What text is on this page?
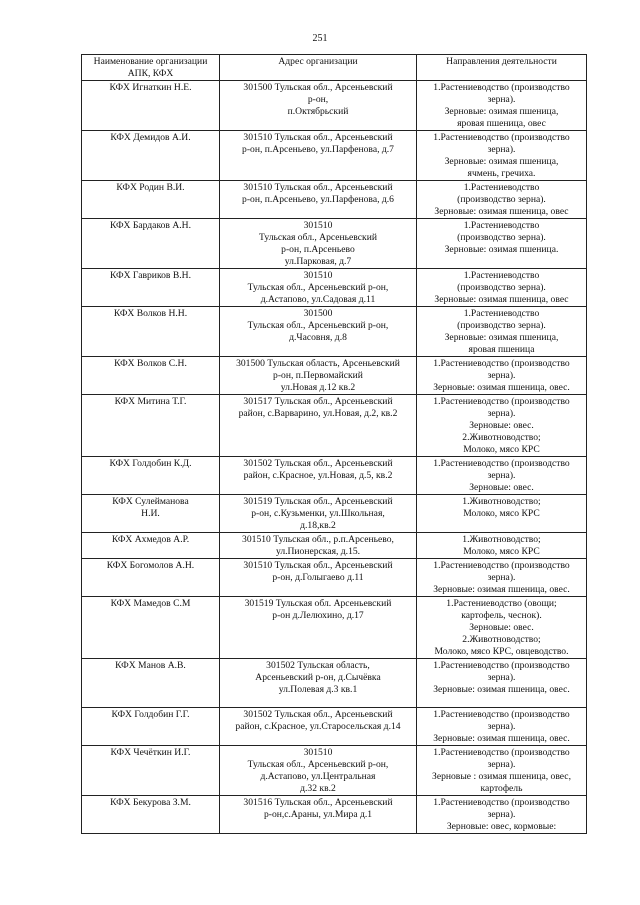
251
Наименование организации АПК, КФХ	Адрес организации	Направления деятельности

КФХ Игнаткин Н.Е.	301500 Тульская обл., Арсеньевский
р-он,
п.Октябрьский	1.Растениеводство (производство
зерна).
Зерновые: озимая пшеница,
яровая пшеница, овес

КФХ Демидов А.И.	301510 Тульская обл., Арсеньевский
р-он, п.Арсеньево, ул.Парфенова, д.7	1.Растениеводство (производство
зерна).
Зерновые: озимая пшеница,
ячмень, гречиха.

КФХ Родин В.И.	301510 Тульская обл., Арсеньевский
р-он, п.Арсеньево, ул.Парфенова, д.6	1.Растениеводство
(производство зерна).
Зерновые: озимая пшеница, овес

КФХ Бардаков А.Н.	301510
Тульская обл., Арсеньевский
р-он, п.Арсеньево
ул.Парковая, д.7	1.Растениеводство
(производство зерна).
Зерновые: озимая пшеница.

КФХ Гавриков В.Н.	301510
Тульская обл., Арсеньевский р-он,
д.Астапово, ул.Садовая д.11	1.Растениеводство
(производство зерна).
Зерновые: озимая пшеница, овес

КФХ Волков Н.Н.	301500
Тульская обл., Арсеньевский р-он,
д.Часовня, д.8	1.Растениеводство
(производство зерна).
Зерновые: озимая пшеница,
яровая пшеница

КФХ Волков С.Н.	301500 Тульская область, Арсеньевский
р-он, п.Первомайский
ул.Новая д.12 кв.2	1.Растениеводство (производство
зерна).
Зерновые: озимая пшеница, овес.

КФХ Митина Т.Г.	301517 Тульская обл., Арсеньевский
район, с.Варварино, ул.Новая, д.2, кв.2	1.Растениеводство (производство
зерна).
Зерновые: овес.
2.Животноводство;
Молоко, мясо КРС

КФХ Голдобин К.Д.	301502 Тульская обл., Арсеньевский
район, с.Красное, ул.Новая, д.5, кв.2	1.Растениеводство (производство
зерна).
Зерновые: овес.

КФХ Сулейманова
Н.И.	301519 Тульская обл., Арсеньевский
р-он, с.Кузьменки, ул.Школьная,
д.18,кв.2	1.Животноводство;
Молоко, мясо КРС

КФХ Ахмедов А.Р.	301510 Тульская обл., р.п.Арсеньево,
ул.Пионерская, д.15.	1.Животноводство;
Молоко, мясо КРС

КФХ Богомолов А.Н.	301510 Тульская обл., Арсеньевский
р-он, д.Голыгаево д.11	1.Растениеводство (производство
зерна).
Зерновые: озимая пшеница, овес.

КФХ Мамедов С.М	301519 Тульская обл. Арсеньевский
р-он д.Лелюхино, д.17	1.Растениеводство (овощи;
картофель, чеснок).
Зерновые: овес.
2.Животноводство;
Молоко, мясо КРС, овцеводство.

КФХ Манов А.В.	301502 Тульская область,
Арсеньевский р-он, д.Сычёвка
ул.Полевая д.3 кв.1	1.Растениеводство (производство
зерна).
Зерновые: озимая пшеница, овес.

КФХ Голдобин Г.Г.	301502 Тульская обл., Арсеньевский
район, с.Красное, ул.Старосельская д.14	1.Растениеводство (производство
зерна).
Зерновые: озимая пшеница, овес.

КФХ Чечёткин И.Г.	301510
Тульская обл., Арсеньевский р-он,
д.Астапово, ул.Центральная
д.32 кв.2	1.Растениеводство (производство
зерна).
Зерновые : озимая пшеница, овес,
картофель

КФХ Бекурова З.М.	301516 Тульская обл., Арсеньевский
р-он,с.Араны, ул.Мира д.1	1.Растениеводство (производство
зерна).
Зерновые: овес, кормовые:
